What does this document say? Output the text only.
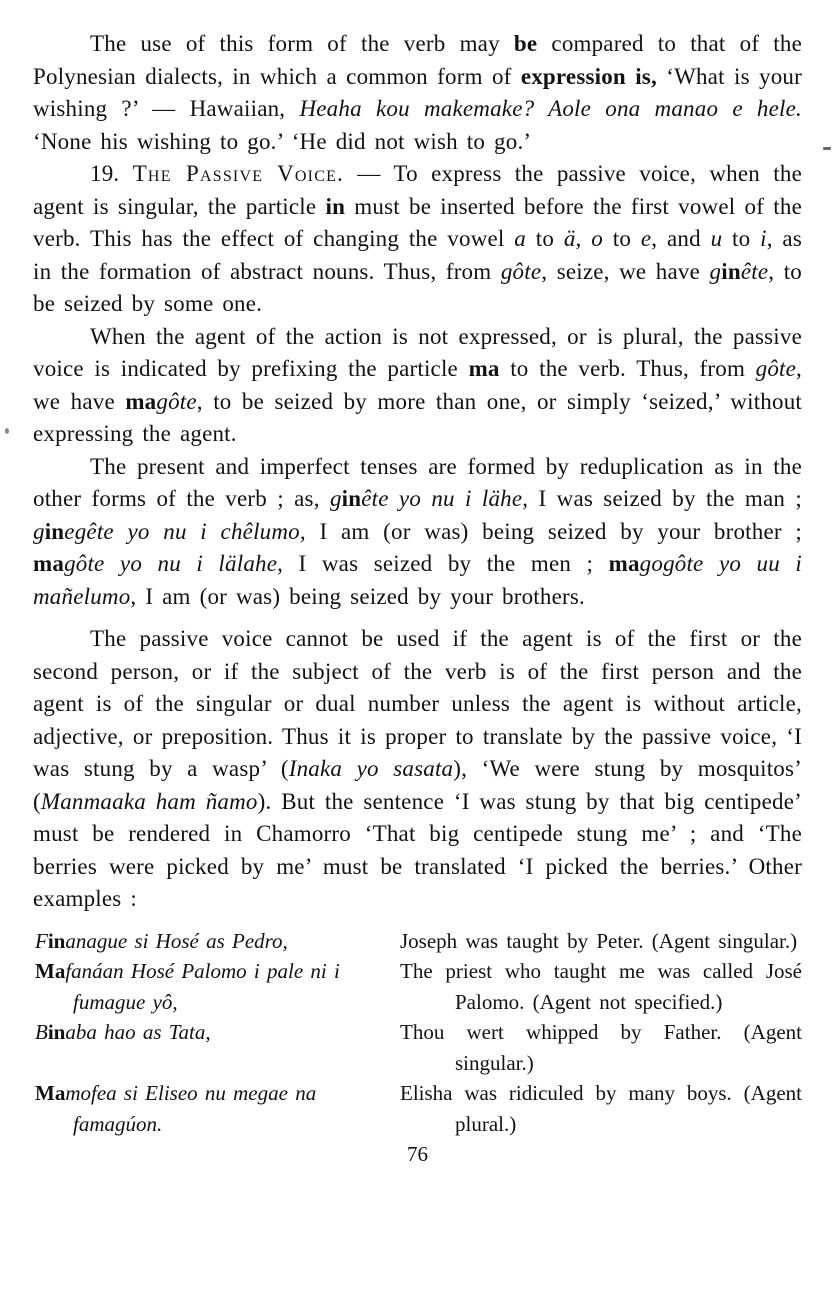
The use of this form of the verb may be compared to that of the Polynesian dialects, in which a common form of expression is, ‘What is your wishing ?’ — Hawaiian, Heaha kou makemake? Aole ona manao e hele. ‘None his wishing to go.’ ‘He did not wish to go.’

19. The Passive Voice. — To express the passive voice, when the agent is singular, the particle in must be inserted before the first vowel of the verb. This has the effect of changing the vowel a to ä, o to e, and u to i, as in the formation of abstract nouns. Thus, from gôte, seize, we have ginête, to be seized by some one.

When the agent of the action is not expressed, or is plural, the passive voice is indicated by prefixing the particle ma to the verb. Thus, from gôte, we have magôte, to be seized by more than one, or simply ‘seized,’ without expressing the agent.

The present and imperfect tenses are formed by reduplication as in the other forms of the verb ; as, ginête yo nu i lähe, I was seized by the man ; ginegête yo nu i chêlumo, I am (or was) being seized by your brother ; magôte yo nu i lälahe, I was seized by the men ; magogôte yo uu i mañelumo, I am (or was) being seized by your brothers.

The passive voice cannot be used if the agent is of the first or the second person, or if the subject of the verb is of the first person and the agent is of the singular or dual number unless the agent is without article, adjective, or preposition. Thus it is proper to translate by the passive voice, ‘I was stung by a wasp’ (Inaka yo sasata), ‘We were stung by mosquitos’ (Manmaaka ham ñamo). But the sentence ‘I was stung by that big centipede’ must be rendered in Chamorro ‘That big centipede stung me’ ; and ‘The berries were picked by me’ must be translated ‘I picked the berries.’ Other examples :

Finanague si Hosé as Pedro,	Joseph was taught by Peter. (Agent singular.)
Mafanáan Hosé Palomo i pale ni i fumague yô,
The priest who taught me was called José Palomo. (Agent not specified.)
Binaba hao as Tata,	Thou wert whipped by Father. (Agent singular.)
Mamofea si Eliseo nu megae na famagúon.
Elisha was ridiculed by many boys. (Agent plural.)
76
